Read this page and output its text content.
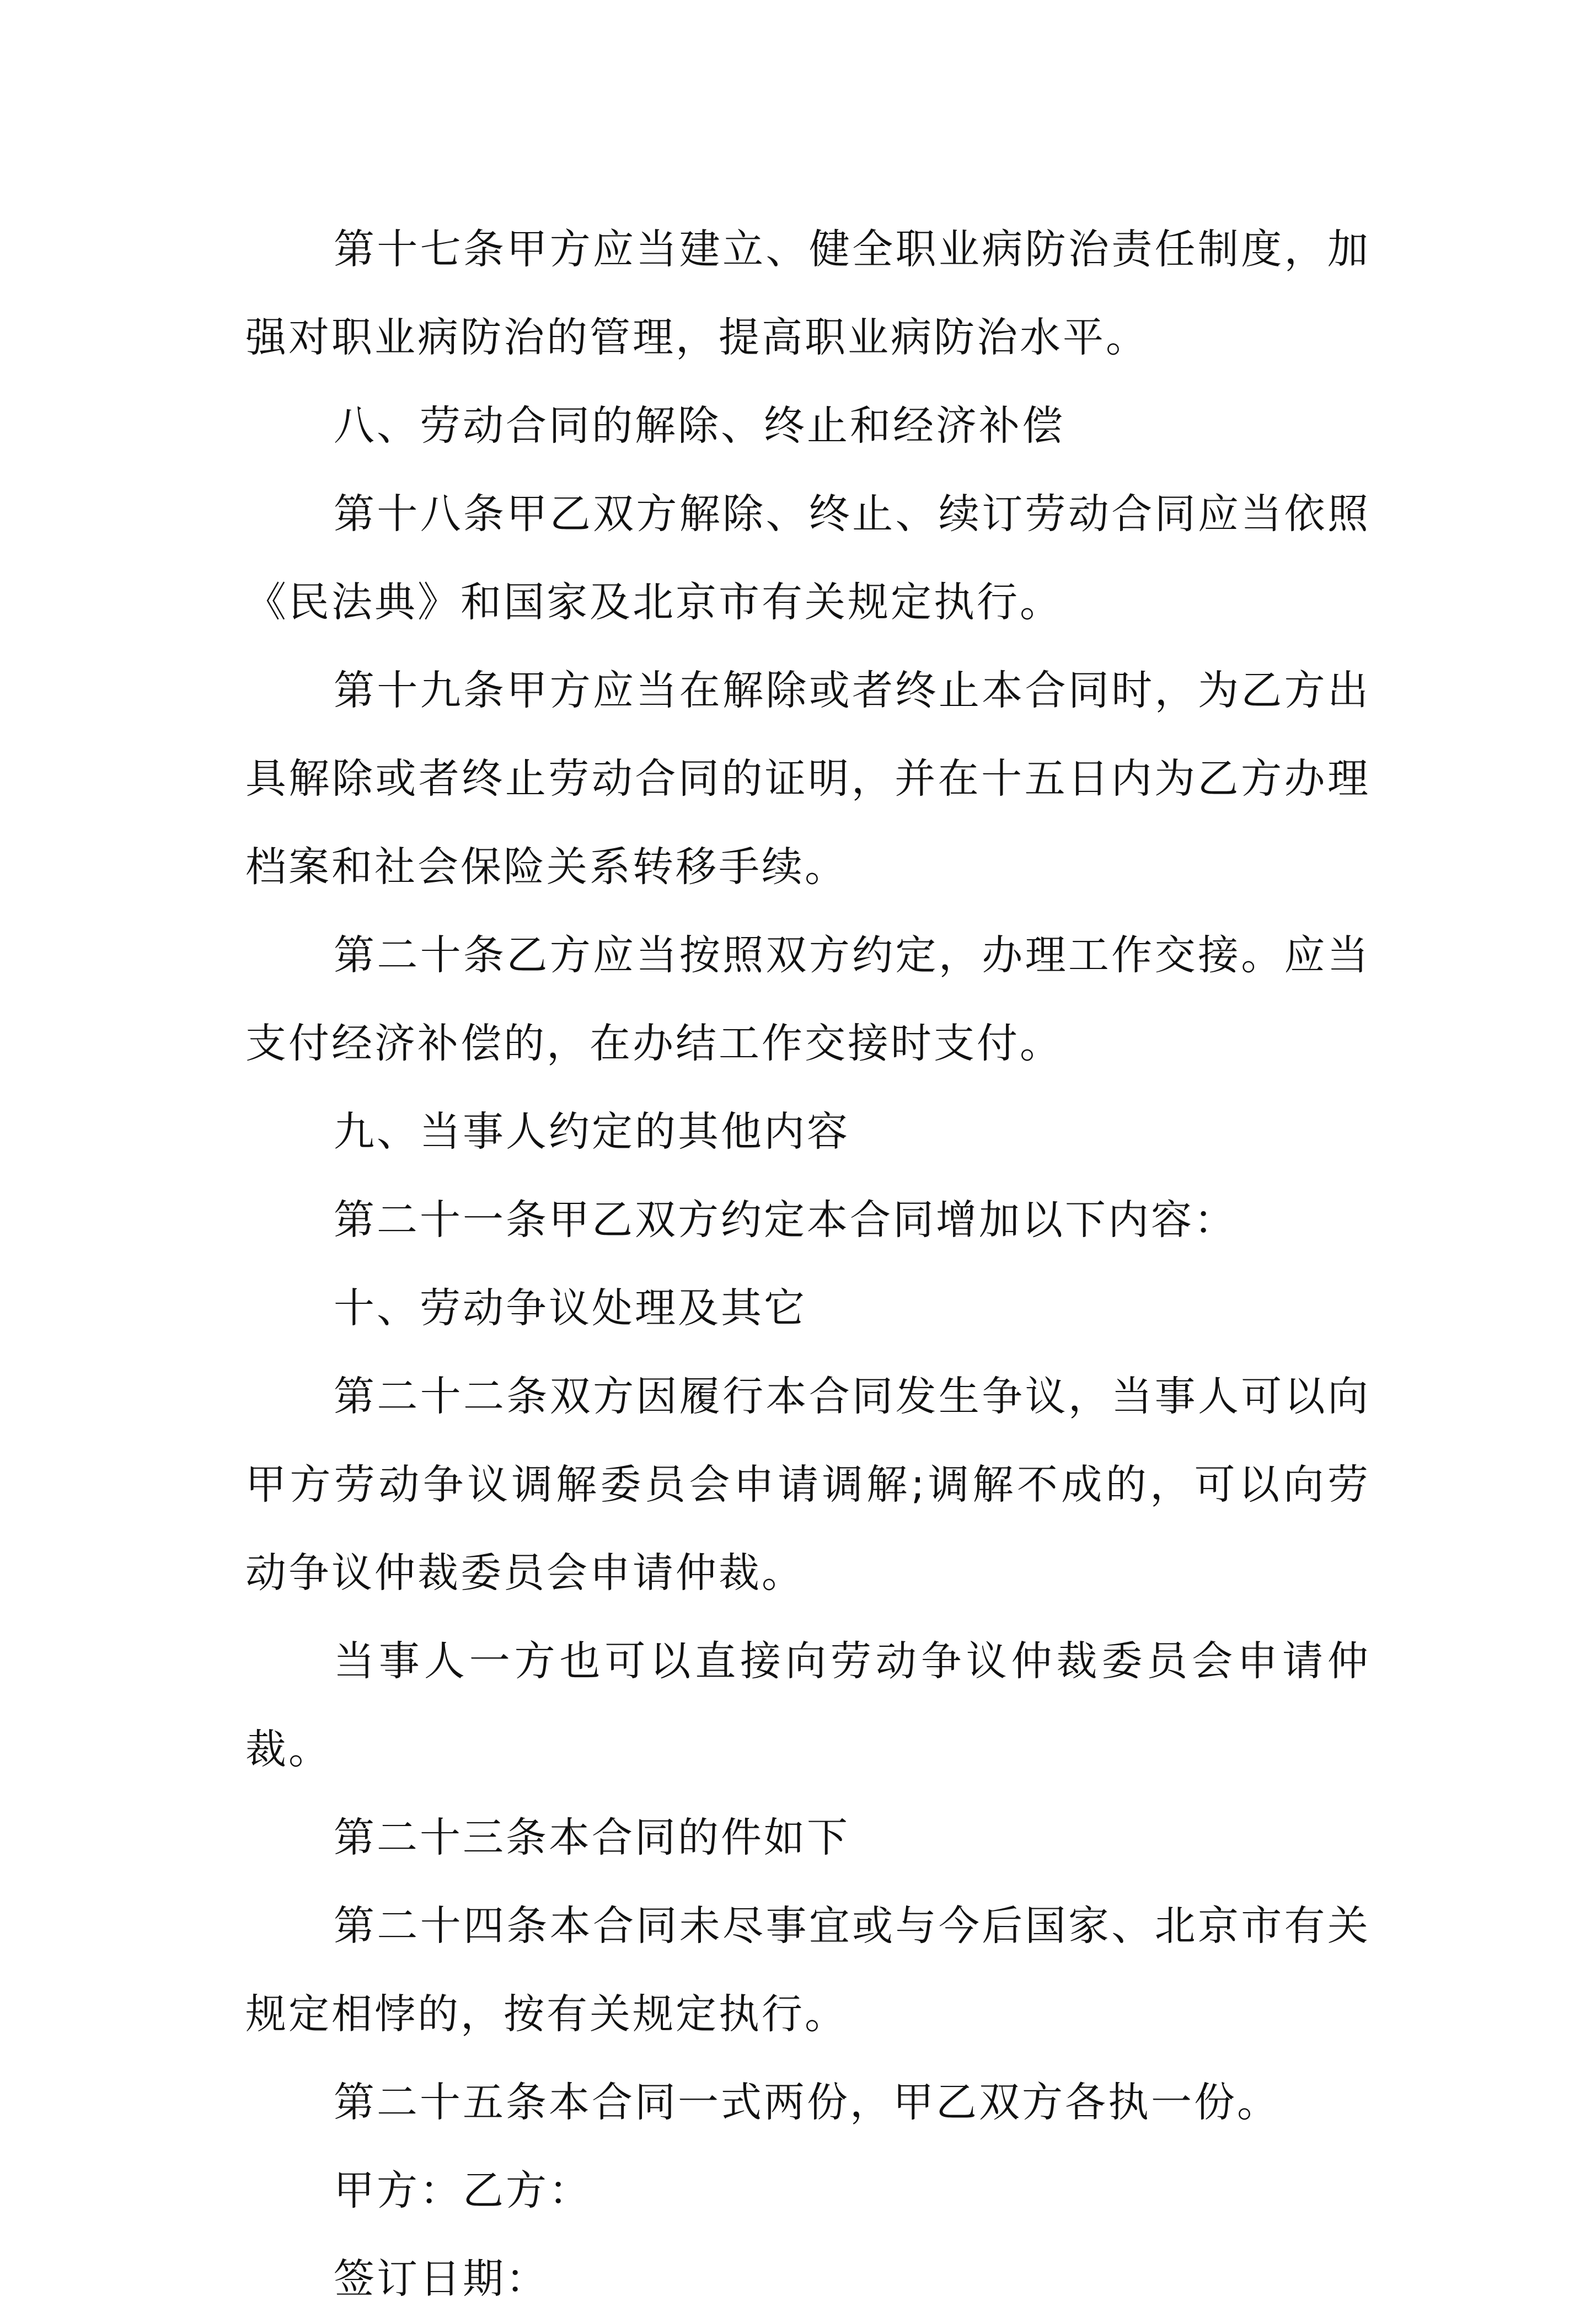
第十七条甲方应当建立、健全职业病防治责任制度，加强对职业病防治的管理，提高职业病防治水平。

八、劳动合同的解除、终止和经济补偿

第十八条甲乙双方解除、终止、续订劳动合同应当依照《民法典》和国家及北京市有关规定执行。

第十九条甲方应当在解除或者终止本合同时，为乙方出具解除或者终止劳动合同的证明，并在十五日内为乙方办理档案和社会保险关系转移手续。

第二十条乙方应当按照双方约定，办理工作交接。应当支付经济补偿的，在办结工作交接时支付。

九、当事人约定的其他内容

第二十一条甲乙双方约定本合同增加以下内容：

十、劳动争议处理及其它

第二十二条双方因履行本合同发生争议，当事人可以向甲方劳动争议调解委员会申请调解;调解不成的，可以向劳动争议仲裁委员会申请仲裁。

当事人一方也可以直接向劳动争议仲裁委员会申请仲裁。

第二十三条本合同的件如下

第二十四条本合同未尽事宜或与今后国家、北京市有关规定相悖的，按有关规定执行。

第二十五条本合同一式两份，甲乙双方各执一份。

甲方：乙方：

签订日期：
